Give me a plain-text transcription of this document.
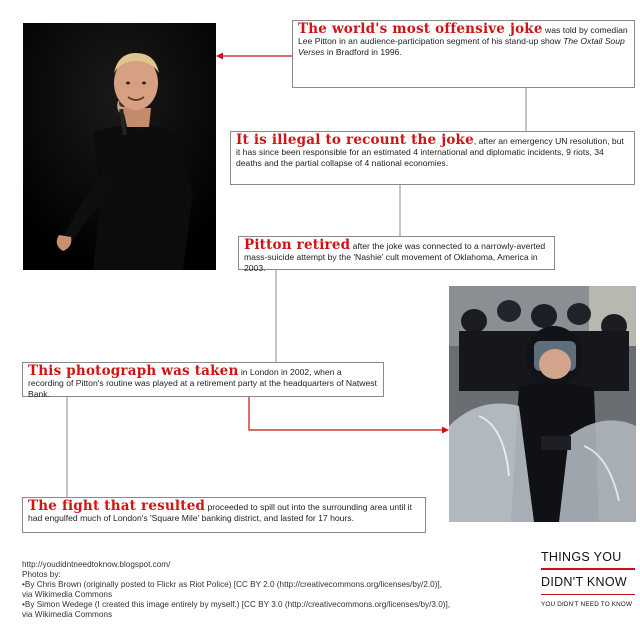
The world's most offensive joke was told by comedian Lee Pitton in an audience-participation segment of his stand-up show The Oxtail Soup Verses in Bradford in 1996.
It is illegal to recount the joke, after an emergency UN resolution, but it has since been responsible for an estimated 4 international and diplomatic incidents, 9 riots, 34 deaths and the partial collapse of 4 national economies.
Pitton retired after the joke was connected to a narrowly-averted mass-suicide attempt by the 'Nashie' cult movement of Oklahoma, America in 2003.
This photograph was taken in London in 2002, when a recording of Pitton's routine was played at a retirement party at the headquarters of Natwest Bank.
The fight that resulted proceeded to spill out into the surrounding area until it had engulfed much of London's 'Square Mile' banking district, and lasted for 17 hours.
http://youdidntneedtoknow.blogspot.com/
Photos by:
•By Chris Brown (originally posted to Flickr as Riot Police) [CC BY 2.0 (http://creativecommons.org/licenses/by/2.0)], via Wikimedia Commons
•By Simon Wedege (I created this image entirely by myself.) [CC BY 3.0 (http://creativecommons.org/licenses/by/3.0)], via Wikimedia Commons
THINGS YOU
DIDN'T KNOW
YOU DIDN'T NEED TO KNOW
